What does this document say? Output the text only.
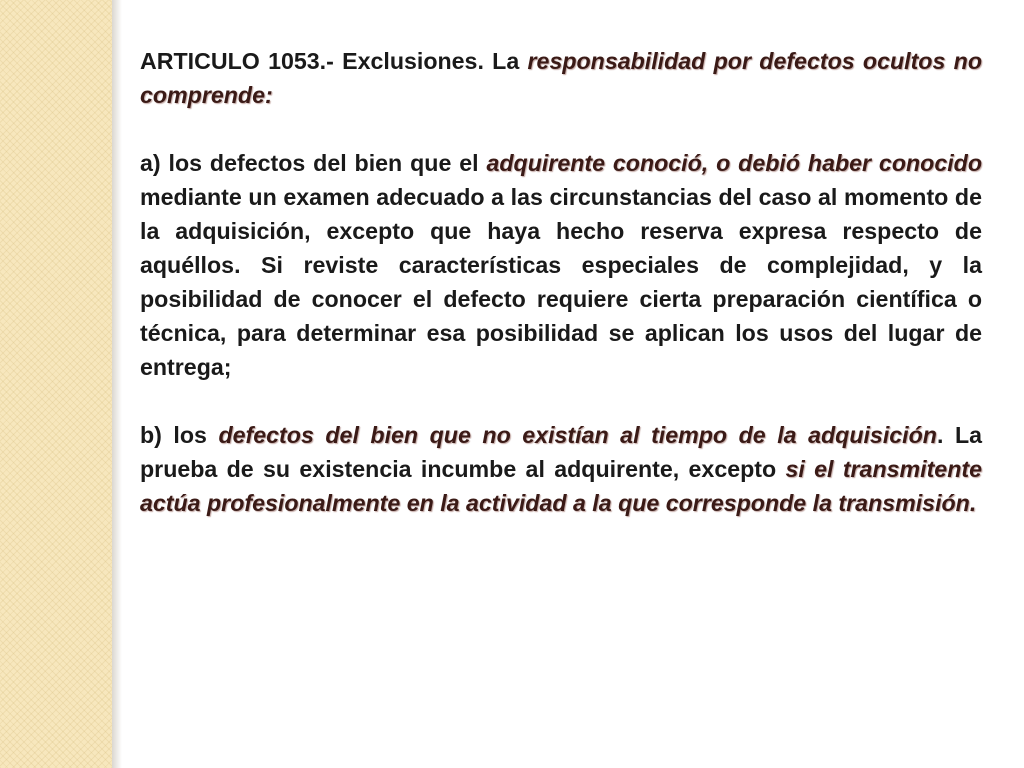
ARTICULO 1053.- Exclusiones. La responsabilidad por defectos ocultos no comprende:

a) los defectos del bien que el adquirente conoció, o debió haber conocido mediante un examen adecuado a las circunstancias del caso al momento de la adquisición, excepto que haya hecho reserva expresa respecto de aquéllos. Si reviste características especiales de complejidad, y la posibilidad de conocer el defecto requiere cierta preparación científica o técnica, para determinar esa posibilidad se aplican los usos del lugar de entrega;

b) los defectos del bien que no existían al tiempo de la adquisición. La prueba de su existencia incumbe al adquirente, excepto si el transmitente actúa profesionalmente en la actividad a la que corresponde la transmisión.
